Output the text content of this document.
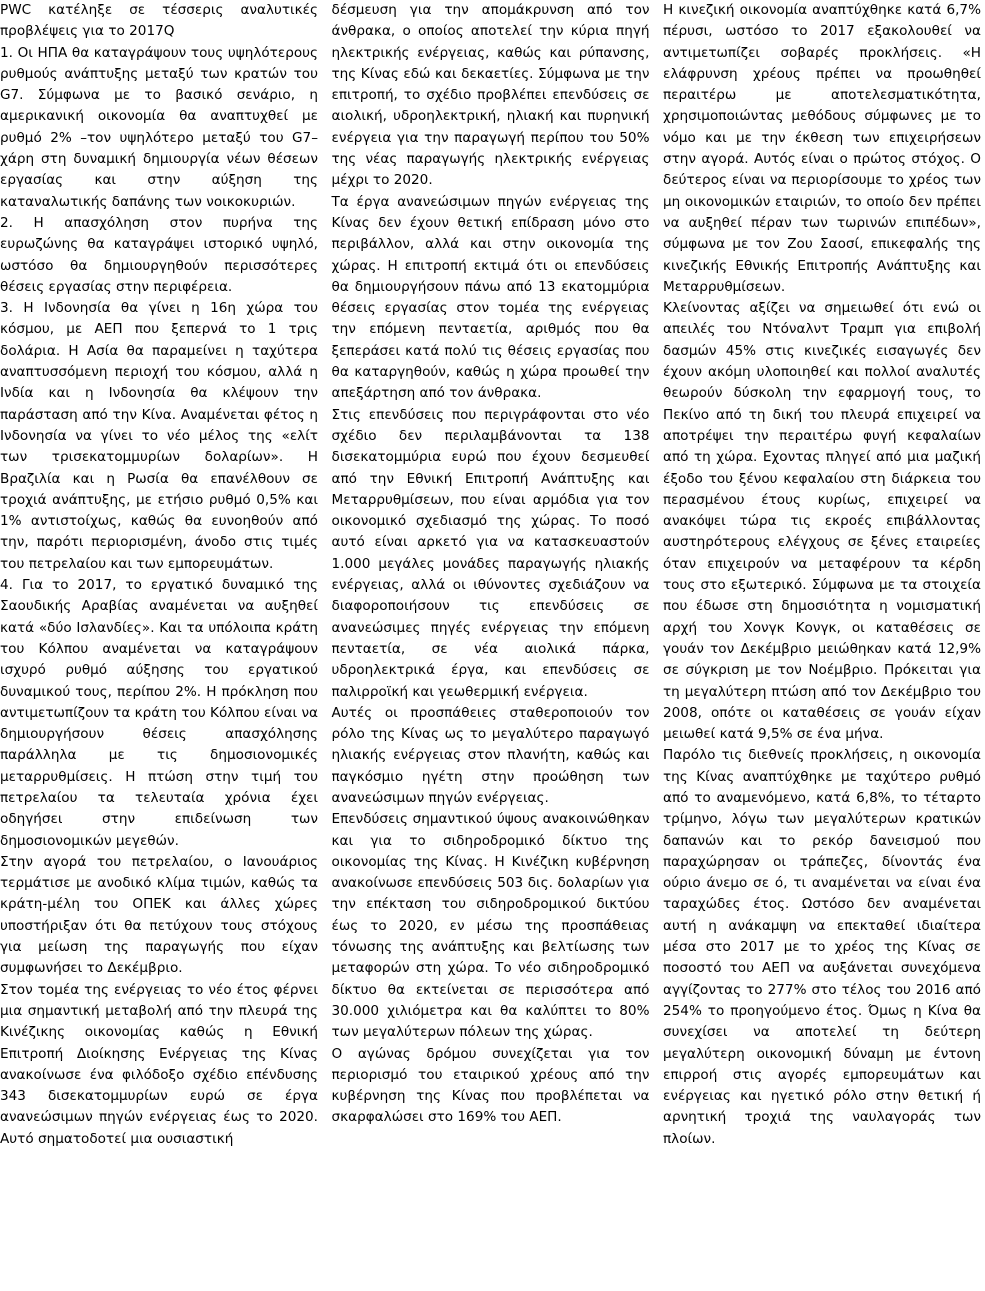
PWC κατέληξε σε τέσσερις αναλυτικές προβλέψεις για το 2017Q

1. Οι ΗΠΑ θα καταγράψουν τους υψηλότερους ρυθμούς ανάπτυξης μεταξύ των κρατών του G7. Σύμφωνα με το βασικό σενάριο, η αμερικανική οικονομία θα αναπτυχθεί με ρυθμό 2% –τον υψηλότερο μεταξύ του G7– χάρη στη δυναμική δημιουργία νέων θέσεων εργασίας και στην αύξηση της καταναλωτικής δαπάνης των νοικοκυριών.

2. Η απασχόληση στον πυρήνα της ευρωζώνης θα καταγράψει ιστορικό υψηλό, ωστόσο θα δημιουργηθούν περισσότερες θέσεις εργασίας στην περιφέρεια.

3. Η Ινδονησία θα γίνει η 16η χώρα του κόσμου, με ΑΕΠ που ξεπερνά το 1 τρις δολάρια. Η Ασία θα παραμείνει η ταχύτερα αναπτυσσόμενη περιοχή του κόσμου, αλλά η Ινδία και η Ινδονησία θα κλέψουν την παράσταση από την Κίνα. Αναμένεται φέτος η Ινδονησία να γίνει το νέο μέλος της «ελίτ των τρισεκατομμυρίων δολαρίων». Η Βραζιλία και η Ρωσία θα επανέλθουν σε τροχιά ανάπτυξης, με ετήσιο ρυθμό 0,5% και 1% αντιστοίχως, καθώς θα ευνοηθούν από την, παρότι περιορισμένη, άνοδο στις τιμές του πετρελαίου και των εμπορευμάτων.

4. Για το 2017, το εργατικό δυναμικό της Σαουδικής Αραβίας αναμένεται να αυξηθεί κατά «δύο Ισλανδίες». Και τα υπόλοιπα κράτη του Κόλπου αναμένεται να καταγράψουν ισχυρό ρυθμό αύξησης του εργατικού δυναμικού τους, περίπου 2%. Η πρόκληση που αντιμετωπίζουν τα κράτη του Κόλπου είναι να δημιουργήσουν θέσεις απασχόλησης παράλληλα με τις δημοσιονομικές μεταρρυθμίσεις. Η πτώση στην τιμή του πετρελαίου τα τελευταία χρόνια έχει οδηγήσει στην επιδείνωση των δημοσιονομικών μεγεθών.

Στην αγορά του πετρελαίου, ο Ιανουάριος τερμάτισε με ανοδικό κλίμα τιμών, καθώς τα κράτη-μέλη του ΟΠΕΚ και άλλες χώρες υποστήριξαν ότι θα πετύχουν τους στόχους για μείωση της παραγωγής που είχαν συμφωνήσει το Δεκέμβριο.

Στον τομέα της ενέργειας το νέο έτος φέρνει μια σημαντική μεταβολή από την πλευρά της Κινέζικης οικονομίας καθώς η Εθνική Επιτροπή Διοίκησης Ενέργειας της Κίνας ανακοίνωσε ένα φιλόδοξο σχέδιο επένδυσης 343 δισεκατομμυρίων ευρώ σε έργα ανανεώσιμων πηγών ενέργειας έως το 2020. Αυτό σηματοδοτεί μια ουσιαστική

δέσμευση για την απομάκρυνση από τον άνθρακα, ο οποίος αποτελεί την κύρια πηγή ηλεκτρικής ενέργειας, καθώς και ρύπανσης, της Κίνας εδώ και δεκαετίες. Σύμφωνα με την επιτροπή, το σχέδιο προβλέπει επενδύσεις σε αιολική, υδροηλεκτρική, ηλιακή και πυρηνική ενέργεια για την παραγωγή περίπου του 50% της νέας παραγωγής ηλεκτρικής ενέργειας μέχρι το 2020.

Τα έργα ανανεώσιμων πηγών ενέργειας της Κίνας δεν έχουν θετική επίδραση μόνο στο περιβάλλον, αλλά και στην οικονομία της χώρας. Η επιτροπή εκτιμά ότι οι επενδύσεις θα δημιουργήσουν πάνω από 13 εκατομμύρια θέσεις εργασίας στον τομέα της ενέργειας την επόμενη πενταετία, αριθμός που θα ξεπεράσει κατά πολύ τις θέσεις εργασίας που θα καταργηθούν, καθώς η χώρα προωθεί την απεξάρτηση από τον άνθρακα.

Στις επενδύσεις που περιγράφονται στο νέο σχέδιο δεν περιλαμβάνονται τα 138 δισεκατομμύρια ευρώ που έχουν δεσμευθεί από την Εθνική Επιτροπή Ανάπτυξης και Μεταρρυθμίσεων, που είναι αρμόδια για τον οικονομικό σχεδιασμό της χώρας. Το ποσό αυτό είναι αρκετό για να κατασκευαστούν 1.000 μεγάλες μονάδες παραγωγής ηλιακής ενέργειας, αλλά οι ιθύνοντες σχεδιάζουν να διαφοροποιήσουν τις επενδύσεις σε ανανεώσιμες πηγές ενέργειας την επόμενη πενταετία, σε νέα αιολικά πάρκα, υδροηλεκτρικά έργα, και επενδύσεις σε παλιρροϊκή και γεωθερμική ενέργεια.

Αυτές οι προσπάθειες σταθεροποιούν τον ρόλο της Κίνας ως το μεγαλύτερο παραγωγό ηλιακής ενέργειας στον πλανήτη, καθώς και παγκόσμιο ηγέτη στην προώθηση των ανανεώσιμων πηγών ενέργειας.

Επενδύσεις σημαντικού ύψους ανακοινώθηκαν και για το σιδηροδρομικό δίκτυο της οικονομίας της Κίνας. Η Κινέζικη κυβέρνηση ανακοίνωσε επενδύσεις 503 δις. δολαρίων για την επέκταση του σιδηροδρομικού δικτύου έως το 2020, εν μέσω της προσπάθειας τόνωσης της ανάπτυξης και βελτίωσης των μεταφορών στη χώρα. Το νέο σιδηροδρομικό δίκτυο θα εκτείνεται σε περισσότερα από 30.000 χιλιόμετρα και θα καλύπτει το 80% των μεγαλύτερων πόλεων της χώρας.

Ο αγώνας δρόμου συνεχίζεται για τον περιορισμό του εταιρικού χρέους από την κυβέρνηση της Κίνας που προβλέπεται να σκαρφαλώσει στο 169% του ΑΕΠ.

Η κινεζική οικονομία αναπτύχθηκε κατά 6,7% πέρυσι, ωστόσο το 2017 εξακολουθεί να αντιμετωπίζει σοβαρές προκλήσεις. «Η ελάφρυνση χρέους πρέπει να προωθηθεί περαιτέρω με αποτελεσματικότητα, χρησιμοποιώντας μεθόδους σύμφωνες με το νόμο και με την έκθεση των επιχειρήσεων στην αγορά. Αυτός είναι ο πρώτος στόχος. Ο δεύτερος είναι να περιορίσουμε το χρέος των μη οικονομικών εταιριών, το οποίο δεν πρέπει να αυξηθεί πέραν των τωρινών επιπέδων», σύμφωνα με τον Ζου Σαοσί, επικεφαλής της κινεζικής Εθνικής Επιτροπής Ανάπτυξης και Μεταρρυθμίσεων.

Κλείνοντας αξίζει να σημειωθεί ότι ενώ οι απειλές του Ντόναλντ Τραμπ για επιβολή δασμών 45% στις κινεζικές εισαγωγές δεν έχουν ακόμη υλοποιηθεί και πολλοί αναλυτές θεωρούν δύσκολη την εφαρμογή τους, το Πεκίνο από τη δική του πλευρά επιχειρεί να αποτρέψει την περαιτέρω φυγή κεφαλαίων από τη χώρα. Εχοντας πληγεί από μια μαζική έξοδο του ξένου κεφαλαίου στη διάρκεια του περασμένου έτους κυρίως, επιχειρεί να ανακόψει τώρα τις εκροές επιβάλλοντας αυστηρότερους ελέγχους σε ξένες εταιρείες όταν επιχειρούν να μεταφέρουν τα κέρδη τους στο εξωτερικό. Σύμφωνα με τα στοιχεία που έδωσε στη δημοσιότητα η νομισματική αρχή του Χονγκ Κονγκ, οι καταθέσεις σε γουάν τον Δεκέμβριο μειώθηκαν κατά 12,9% σε σύγκριση με τον Νοέμβριο. Πρόκειται για τη μεγαλύτερη πτώση από τον Δεκέμβριο του 2008, οπότε οι καταθέσεις σε γουάν είχαν μειωθεί κατά 9,5% σε ένα μήνα.

Παρόλο τις διεθνείς προκλήσεις, η οικονομία της Κίνας αναπτύχθηκε με ταχύτερο ρυθμό από το αναμενόμενο, κατά 6,8%, το τέταρτο τρίμηνο, λόγω των μεγαλύτερων κρατικών δαπανών και το ρεκόρ δανεισμού που παραχώρησαν οι τράπεζες, δίνοντάς ένα ούριο άνεμο σε ό, τι αναμένεται να είναι ένα ταραχώδες έτος. Ωστόσο δεν αναμένεται αυτή η ανάκαμψη να επεκταθεί ιδιαίτερα μέσα στο 2017 με το χρέος της Κίνας σε ποσοστό του ΑΕΠ να αυξάνεται συνεχόμενα αγγίζοντας το 277% στο τέλος του 2016 από 254% το προηγούμενο έτος. Όμως η Κίνα θα συνεχίσει να αποτελεί τη δεύτερη μεγαλύτερη οικονομική δύναμη με έντονη επιρροή στις αγορές εμπορευμάτων και ενέργειας και ηγετικό ρόλο στην θετική ή αρνητική τροχιά της ναυλαγοράς των πλοίων.
